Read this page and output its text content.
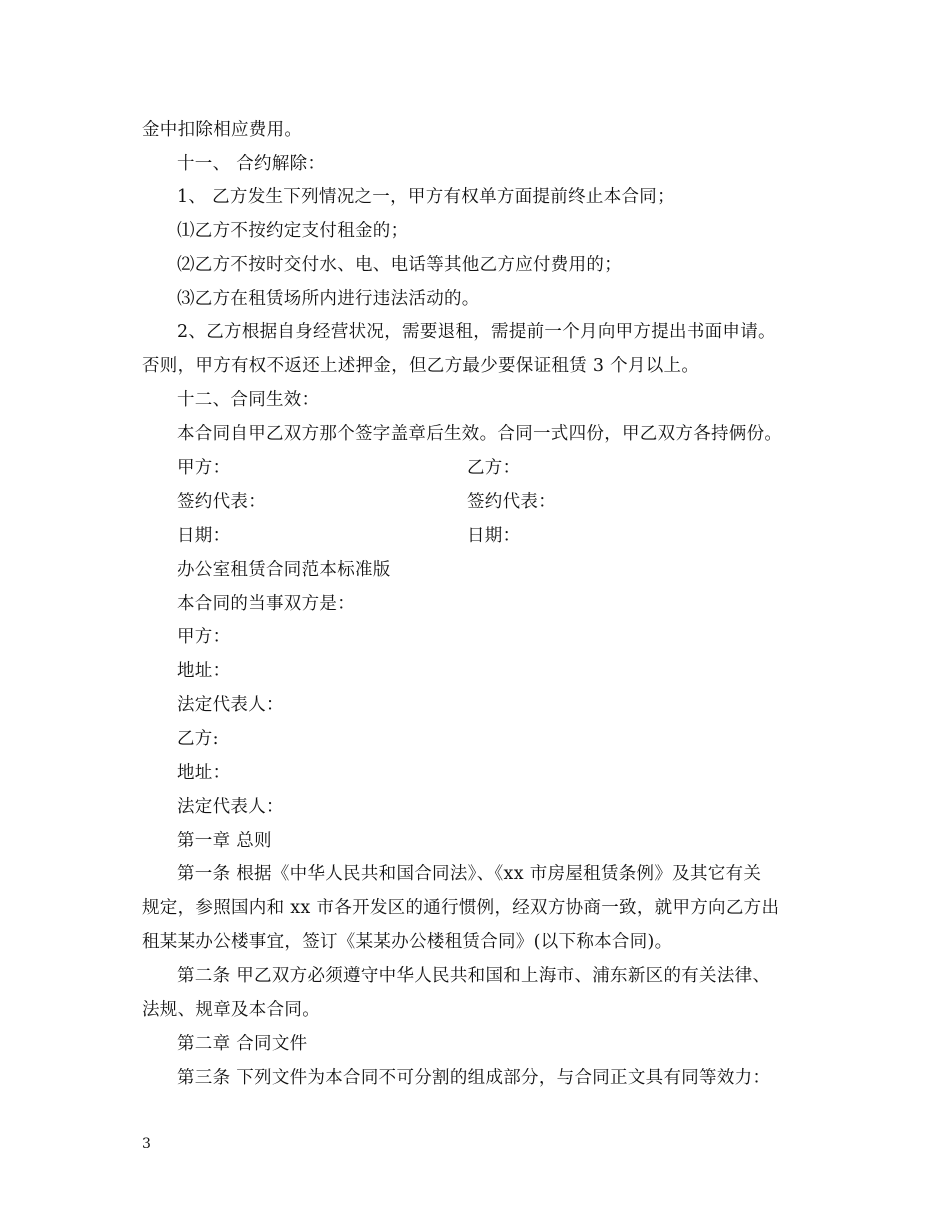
金中扣除相应费用。
十一、 合约解除：
1、 乙方发生下列情况之一，甲方有权单方面提前终止本合同；
⑴乙方不按约定支付租金的；
⑵乙方不按时交付水、电、电话等其他乙方应付费用的；
⑶乙方在租赁场所内进行违法活动的。
2、乙方根据自身经营状况，需要退租，需提前一个月向甲方提出书面申请。
否则，甲方有权不返还上述押金，但乙方最少要保证租赁 3 个月以上。
十二、合同生效：
本合同自甲乙双方那个签字盖章后生效。合同一式四份，甲乙双方各持俩份。
甲方：	乙方：
签约代表：	签约代表：
日期：	日期：
办公室租赁合同范本标准版
本合同的当事双方是：
甲方：
地址：
法定代表人：
乙方:
地址：
法定代表人：
第一章 总则
第一条 根据《中华人民共和国合同法》、《xx 市房屋租赁条例》及其它有关
规定，参照国内和 xx 市各开发区的通行惯例，经双方协商一致，就甲方向乙方出
租某某办公楼事宜，签订《某某办公楼租赁合同》(以下称本合同)。
第二条 甲乙双方必须遵守中华人民共和国和上海市、浦东新区的有关法律、
法规、规章及本合同。
第二章 合同文件
第三条 下列文件为本合同不可分割的组成部分，与合同正文具有同等效力：
3
